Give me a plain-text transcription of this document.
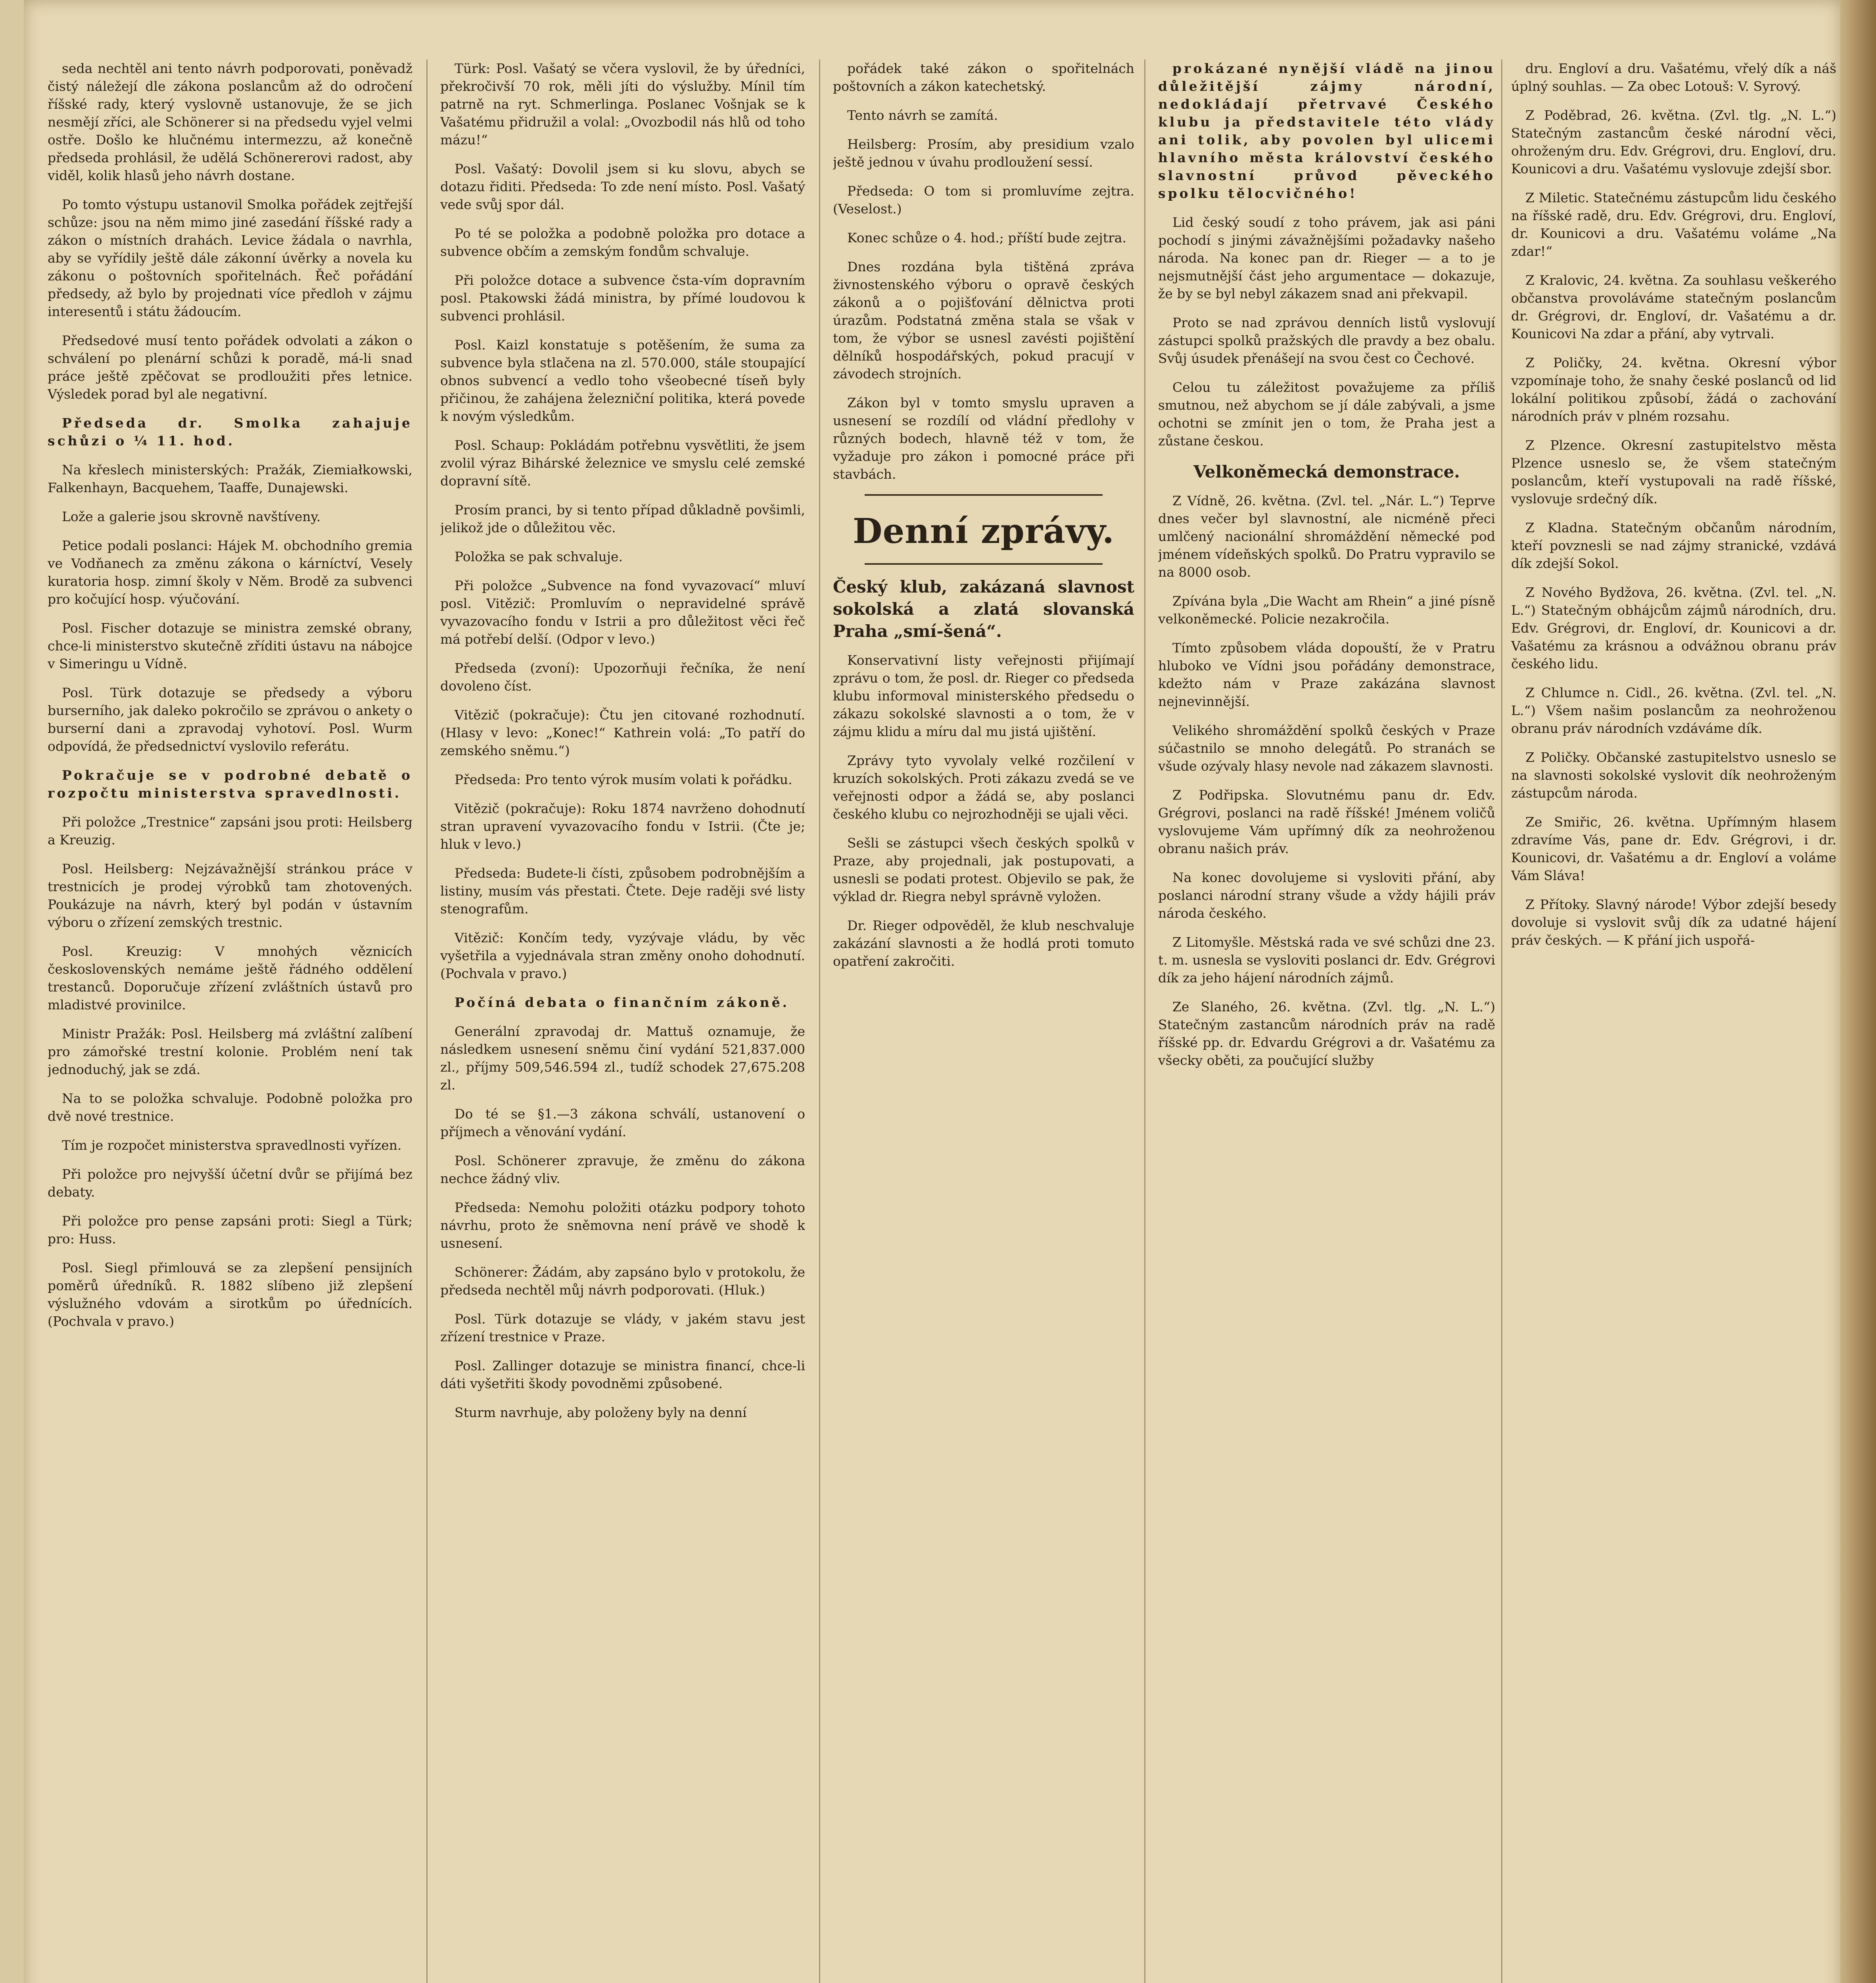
seda nechtěl ani tento návrh podporovati, poněvadž čistý náležejí dle zákona poslancům až do odročení říšské rady, který vyslovně ustanovuje, že se jich nesmějí zříci, ale Schönerer si na předsedu vyjel velmi ostře. Došlo ke hlučnému intermezzu, až konečně předseda prohlásil, že udělá Schönererovi radost, aby viděl, kolik hlasů jeho návrh dostane.

Po tomto výstupu ustanovil Smolka pořádek zejtřejší schůze: jsou na něm mimo jiné zasedání říšské rady a zákon o místních drahách. Levice žádala o navrhla, aby se vyřídily ještě dále zákonní úvěrky a novela ku zákonu o poštovních spořitelnách. Řeč pořádání předsedy, až bylo by projednati více předloh v zájmu interesentů i státu žádoucím.

Předsedové musí tento pořádek odvolati a zákon o schválení po plenární schůzi k poradě, má-li snad práce ještě zpěčovat se prodloužiti přes letnice. Výsledek porad byl ale negativní.

Předseda dr. Smolka zahajuje schůzi o ¼ 11. hod.

Na křeslech ministerských: Pražák, Ziemiałkowski, Falkenhayn, Bacquehem, Taaffe, Dunajewski.

Lože a galerie jsou skrovně navštíveny.

Petice podali poslanci: Hájek M. obchodního gremia ve Vodňanech za změnu zákona o kárníctví, Vesely kuratoria hosp. zimní školy v Něm. Brodě za subvenci pro kočující hosp. výučování.

Posl. Fischer dotazuje se ministra zemské obrany, chce-li ministerstvo skutečně zříditi ústavu na nábojce v Simeringu u Vídně.

Posl. Türk dotazuje se předsedy a výboru burserního, jak daleko pokročilo se zprávou o ankety o burserní dani a zpravodaj vyhotoví. Posl. Wurm odpovídá, že předsednictví vyslovilo referátu.

Pokračuje se v podrobné debatě o rozpočtu ministerstva spravedlnosti.

Při položce „Trestnice“ zapsáni jsou proti: Heilsberg a Kreuzig.

Posl. Heilsberg: Nejzávažnější stránkou práce v trestnicích je prodej výrobků tam zhotovených. Poukázuje na návrh, který byl podán v ústavním výboru o zřízení zemských trestnic.

Posl. Kreuzig: V mnohých věznicích československých nemáme ještě řádného oddělení trestanců. Doporučuje zřízení zvláštních ústavů pro mladistvé provinilce.

Ministr Pražák: Posl. Heilsberg má zvláštní zalíbení pro zámořské trestní kolonie. Problém není tak jednoduchý, jak se zdá.

Na to se položka schvaluje. Podobně položka pro dvě nové trestnice.

Tím je rozpočet ministerstva spravedlnosti vyřízen.

Při položce pro nejvyšší účetní dvůr se přijímá bez debaty.

Při položce pro pense zapsáni proti: Siegl a Türk; pro: Huss.

Posl. Siegl přimlouvá se za zlepšení pensijních poměrů úředníků. R. 1882 slíbeno již zlepšení výslužného vdovám a sirotkům po úřednících. (Pochvala v pravo.)

Türk: Posl. Vašatý se včera vyslovil, že by úředníci, překročivší 70 rok, měli jíti do výslužby. Mínil tím patrně na ryt. Schmerlinga. Poslanec Vošnjak se k Vašatému přidružil a volal: „Ovozbodil nás hlů od toho mázu!“

Posl. Vašatý: Dovolil jsem si ku slovu, abych se dotazu řiditi. Předseda: To zde není místo. Posl. Vašatý vede svůj spor dál.

Po té se položka a podobně položka pro dotace a subvence občím a zemským fondům schvaluje.

Při položce dotace a subvence čsta-vím dopravním posl. Ptakowski žádá ministra, by přímé loudovou k subvenci prohlásil.

Posl. Kaizl konstatuje s potěšením, že suma za subvence byla stlačena na zl. 570.000, stále stoupající obnos subvencí a vedlo toho všeobecné tíseň byly přičinou, že zahájena železniční politika, která povede k novým výsledkům.

Posl. Schaup: Pokládám potřebnu vysvětliti, že jsem zvolil výraz Bihárské železnice ve smyslu celé zemské dopravní sítě.

Prosím pranci, by si tento případ důkladně povšimli, jelikož jde o důležitou věc.

Položka se pak schvaluje.

Při položce „Subvence na fond vyvazovací“ mluví posl. Vitězič: Promluvím o nepravidelné správě vyvazovacího fondu v Istrii a pro důležitost věci řeč má potřebí delší. (Odpor v levo.)

Předseda (zvoní): Upozorňuji řečníka, že není dovoleno číst.

Vitězič (pokračuje): Čtu jen citované rozhodnutí. (Hlasy v levo: „Konec!“ Kathrein volá: „To patří do zemského sněmu.“)

Předseda: Pro tento výrok musím volati k pořádku.

Vitězič (pokračuje): Roku 1874 navrženo dohodnutí stran upravení vyvazovacího fondu v Istrii. (Čte je; hluk v levo.)

Předseda: Budete-li čísti, způsobem podrobnějším a listiny, musím vás přestati. Čtete. Deje raději své listy stenografům.

Vitězič: Končím tedy, vyzývaje vládu, by věc vyšetřila a vyjednávala stran změny onoho dohodnutí. (Pochvala v pravo.)

Počíná debata o finančním zákoně.

Generální zpravodaj dr. Mattuš oznamuje, že následkem usnesení sněmu činí vydání 521,837.000 zl., příjmy 509,546.594 zl., tudíž schodek 27,675.208 zl.

Do té se §1.—3 zákona schválí, ustanovení o příjmech a věnování vydání.

Posl. Schönerer zpravuje, že změnu do zákona nechce žádný vliv.

Předseda: Nemohu položiti otázku podpory tohoto návrhu, proto že sněmovna není právě ve shodě k usnesení.

Schönerer: Žádám, aby zapsáno bylo v protokolu, že předseda nechtěl můj návrh podporovati. (Hluk.)

Posl. Türk dotazuje se vlády, v jakém stavu jest zřízení trestnice v Praze.

Posl. Zallinger dotazuje se ministra financí, chce-li dáti vyšetřiti škody povodněmi způsobené.

Sturm navrhuje, aby položeny byly na denní

pořádek také zákon o spořitelnách poštovních a zákon katechetský.

Tento návrh se zamítá.

Heilsberg: Prosím, aby presidium vzalo ještě jednou v úvahu prodloužení sessí.

Předseda: O tom si promluvíme zejtra. (Veselost.)

Konec schůze o 4. hod.; příští bude zejtra.

Dnes rozdána byla tištěná zpráva živnostenského výboru o opravě českých zákonů a o pojišťování dělnictva proti úrazům. Podstatná změna stala se však v tom, že výbor se usnesl zavésti pojištění dělníků hospodářských, pokud pracují v závodech strojních.

Zákon byl v tomto smyslu upraven a usnesení se rozdílí od vládní předlohy v různých bodech, hlavně též v tom, že vyžaduje pro zákon i pomocné práce při stavbách.

Denní zprávy.
Český klub, zakázaná slavnost sokolská a zlatá slovanská Praha „smí-šená“.

Konservativní listy veřejnosti přijímají zprávu o tom, že posl. dr. Rieger co předseda klubu informoval ministerského předsedu o zákazu sokolské slavnosti a o tom, že v zájmu klidu a míru dal mu jistá ujištění.

Zprávy tyto vyvolaly velké rozčilení v kruzích sokolských. Proti zákazu zvedá se ve veřejnosti odpor a žádá se, aby poslanci českého klubu co nejrozhodněji se ujali věci.

Sešli se zástupci všech českých spolků v Praze, aby projednali, jak postupovati, a usnesli se podati protest. Objevilo se pak, že výklad dr. Riegra nebyl správně vyložen.

Dr. Rieger odpověděl, že klub neschvaluje zakázání slavnosti a že hodlá proti tomuto opatření zakročiti.

prokázané nynější vládě na jinou důležitější zájmy národní, nedokládají přetrvavé Českého klubu ja představitele této vlády ani tolik, aby povolen byl ulicemi hlavního města království českého slavnostní průvod pěveckého spolku tělocvičného!

Lid český soudí z toho právem, jak asi páni pochodí s jinými závažnějšími požadavky našeho národa. Na konec pan dr. Rieger — a to je nejsmutnější část jeho argumentace — dokazuje, že by se byl nebyl zákazem snad ani překvapil.

Proto se nad zprávou denních listů vyslovují zástupci spolků pražských dle pravdy a bez obalu. Svůj úsudek přenášejí na svou čest co Čechové.

Celou tu záležitost považujeme za příliš smutnou, než abychom se jí dále zabývali, a jsme ochotni se zmínit jen o tom, že Praha jest a zůstane českou.

Velkoněmecká demonstrace.

Z Vídně, 26. května. (Zvl. tel. „Nár. L.“) Teprve dnes večer byl slavnostní, ale nicméně přeci umlčený nacionální shromáždění německé pod jménem vídeňských spolků. Do Pratru vypravilo se na 8000 osob.

Zpívána byla „Die Wacht am Rhein“ a jiné písně velkoněmecké. Policie nezakročila.

Tímto způsobem vláda dopouští, že v Pratru hluboko ve Vídni jsou pořádány demonstrace, kdežto nám v Praze zakázána slavnost nejnevinnější.

Velikého shromáždění spolků českých v Praze súčastnilo se mnoho delegátů. Po stranách se všude ozývaly hlasy nevole nad zákazem slavnosti.

Z Podřipska. Slovutnému panu dr. Edv. Grégrovi, poslanci na radě říšské! Jménem voličů vyslovujeme Vám upřímný dík za neohroženou obranu našich práv.

Na konec dovolujeme si vysloviti přání, aby poslanci národní strany všude a vždy hájili práv národa českého.

Z Litomyšle. Městská rada ve své schůzi dne 23. t. m. usnesla se vysloviti poslanci dr. Edv. Grégrovi dík za jeho hájení národních zájmů.

Ze Slaného, 26. května. (Zvl. tlg. „N. L.“) Statečným zastancům národních práv na radě říšské pp. dr. Edvardu Grégrovi a dr. Vašatému za všecky oběti, za poučující služby

dru. Engloví a dru. Vašatému, vřelý dík a náš úplný souhlas. — Za obec Lotouš: V. Syrový.

Z Poděbrad, 26. května. (Zvl. tlg. „N. L.“) Statečným zastancům české národní věci, ohroženým dru. Edv. Grégrovi, dru. Engloví, dru. Kounicovi a dru. Vašatému vyslovuje zdejší sbor.

Z Miletic. Statečnému zástupcům lidu českého na říšské radě, dru. Edv. Grégrovi, dru. Engloví, dr. Kounicovi a dru. Vašatému voláme „Na zdar!“

Z Kralovic, 24. května. Za souhlasu veškerého občanstva provoláváme statečným poslancům dr. Grégrovi, dr. Engloví, dr. Vašatému a dr. Kounicovi Na zdar a přání, aby vytrvali.

Z Poličky, 24. května. Okresní výbor vzpomínaje toho, že snahy české poslanců od lid lokální politikou způsobí, žádá o zachování národních práv v plném rozsahu.

Z Plzence. Okresní zastupitelstvo města Plzence usneslo se, že všem statečným poslancům, kteří vystupovali na radě říšské, vyslovuje srdečný dík.

Z Kladna. Statečným občanům národním, kteří povznesli se nad zájmy stranické, vzdává dík zdejší Sokol.

Z Nového Bydžova, 26. května. (Zvl. tel. „N. L.“) Statečným obhájcům zájmů národních, dru. Edv. Grégrovi, dr. Engloví, dr. Kounicovi a dr. Vašatému za krásnou a odvážnou obranu práv českého lidu.

Z Chlumce n. Cidl., 26. května. (Zvl. tel. „N. L.“) Všem našim poslancům za neohroženou obranu práv národních vzdáváme dík.

Z Poličky. Občanské zastupitelstvo usneslo se na slavnosti sokolské vyslovit dík neohroženým zástupcům národa.

Ze Smiřic, 26. května. Upřímným hlasem zdravíme Vás, pane dr. Edv. Grégrovi, i dr. Kounicovi, dr. Vašatému a dr. Engloví a voláme Vám Sláva!

Z Přítoky. Slavný národe! Výbor zdejší besedy dovoluje si vyslovit svůj dík za udatné hájení práv českých. — K přání jich uspořá-
